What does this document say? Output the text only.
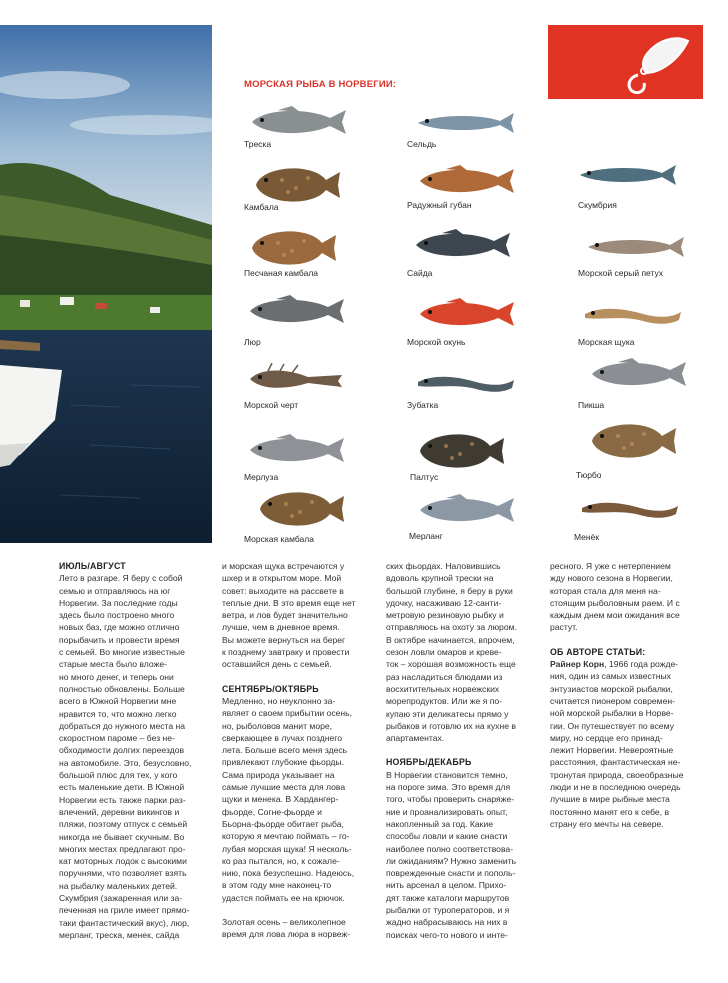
МОРСКАЯ РЫБА В НОРВЕГИИ:
Треска	Сельдь
Камбала	Радужный губан	Скумбрия
Песчаная камбала	Сайда	Морской серый петух
Люр	Морской окунь	Морская щука
Морской черт	Зубатка	Пикша
Мерлуза	Палтус	Тюрбо
Морская камбала	Мерланг	Менёк
ИЮЛЬ/АВГУСТ

Лето в разгаре. Я беру с собой

семью и отправляюсь на юг

Норвегии. За последние годы

здесь было построено много

новых баз, где можно отлично

порыбачить и провести время

с семьей. Во многие известные

старые места было вложе-

но много денег, и теперь они

полностью обновлены. Больше

всего в Южной Норвегии мне

нравится то, что можно легко

добраться до нужного места на

скоростном пароме – без не-

обходимости долгих переездов

на автомобиле. Это, безусловно,

большой плюс для тех, у кого

есть маленькие дети. В Южной

Норвегии есть также парки раз-

влечений, деревни викингов и

пляжи, поэтому отпуск с семьей

никогда не бывает скучным. Во

многих местах предлагают про-

кат моторных лодок с высокими

поручнями, что позволяет взять

на рыбалку маленьких детей.

Скумбрия (зажаренная или за-

печенная на гриле имеет прямо-

таки фантастический вкус), люр,

мерланг, треска, менек, сайда

и морская щука встречаются у

шхер и в открытом море. Мой

совет: выходите на рассвете в

теплые дни. В это время еще нет

ветра, и лов будет значительно

лучше, чем в дневное время.

Вы можете вернуться на берег

к позднему завтраку и провести

оставшийся день с семьей.

СЕНТЯБРЬ/ОКТЯБРЬ

Медленно, но неуклонно за-

являет о своем прибытии осень,

но, рыболовов манит море,

сверкающее в лучах позднего

лета. Больше всего меня здесь

привлекают глубокие фьорды.

Сама природа указывает на

самые лучшие места для лова

щуки и менека. В Хардангер-

фьорде, Согне-фьорде и

Бьорна-фьорде обитает рыба,

которую я мечтаю поймать – го-

лубая морская щука! Я несколь-

ко раз пытался, но, к сожале-

нию, пока безуспешно. Надеюсь,

в этом году мне наконец-то

удастся поймать ее на крючок.

Золотая осень – великолепное

время для лова люра в норвеж-

ских фьордах. Наловившись

вдоволь крупной трески на

большой глубине, я беру в руки

удочку, насаживаю 12-санти-

метровую резиновую рыбку и

отправляюсь на охоту за люром.

В октябре начинается, впрочем,

сезон ловли омаров и креве-

ток – хорошая возможность еще

раз насладиться блюдами из

восхитительных норвежских

морепродуктов. Или же я по-

купаю эти деликатесы прямо у

рыбаков и готовлю их на кухне в

апартаментах.

НОЯБРЬ/ДЕКАБРЬ

В Норвегии становится темно,

на пороге зима. Это время для

того, чтобы проверить снаряже-

ние и проанализировать опыт,

накопленный за год. Какие

способы ловли и какие снасти

наиболее полно соответствова-

ли ожиданиям? Нужно заменить

поврежденные снасти и пополь-

нить арсенал в целом. Прихо-

дят также каталоги маршрутов

рыбалки от туроператоров, и я

жадно набрасываюсь на них в

поисках чего-то нового и инте-

ресного. Я уже с нетерпением

жду нового сезона в Норвегии,

которая стала для меня на-

стоящим рыболовным раем. И с

каждым днем мои ожидания все

растут.

ОБ АВТОРЕ СТАТЬИ:

Райнер Корн, 1966 года рожде-

ния, один из самых известных

энтузиастов морской рыбалки,

считается пионером современ-

ной морской рыбалки в Норве-

гии. Он путешествует по всему

миру, но сердце его принад-

лежит Норвегии. Невероятные

расстояния, фантастическая не-

тронутая природа, своеобразные

люди и не в последнюю очередь

лучшие в мире рыбные места

постоянно манят его к себе, в

страну его мечты на севере.
